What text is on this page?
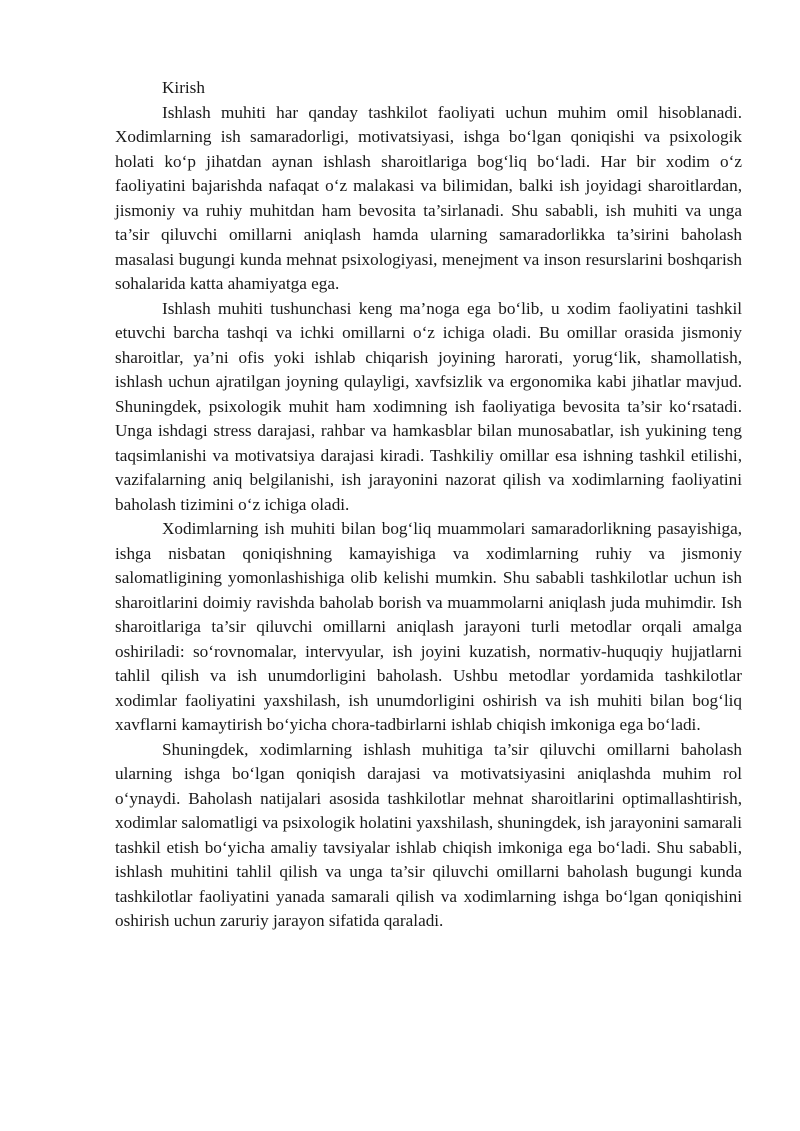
Kirish

Ishlash muhiti har qanday tashkilot faoliyati uchun muhim omil hisoblanadi. Xodimlarning ish samaradorligi, motivatsiyasi, ishga bo‘lgan qoniqishi va psixologik holati ko‘p jihatdan aynan ishlash sharoitlariga bog‘liq bo‘ladi. Har bir xodim o‘z faoliyatini bajarishda nafaqat o‘z malakasi va bilimidan, balki ish joyidagi sharoitlardan, jismoniy va ruhiy muhitdan ham bevosita ta’sirlanadi. Shu sababli, ish muhiti va unga ta’sir qiluvchi omillarni aniqlash hamda ularning samaradorlikka ta’sirini baholash masalasi bugungi kunda mehnat psixologiyasi, menejment va inson resurslarini boshqarish sohalarida katta ahamiyatga ega.

Ishlash muhiti tushunchasi keng ma’noga ega bo‘lib, u xodim faoliyatini tashkil etuvchi barcha tashqi va ichki omillarni o‘z ichiga oladi. Bu omillar orasida jismoniy sharoitlar, ya’ni ofis yoki ishlab chiqarish joyining harorati, yorug‘lik, shamollatish, ishlash uchun ajratilgan joyning qulayligi, xavfsizlik va ergonomika kabi jihatlar mavjud. Shuningdek, psixologik muhit ham xodimning ish faoliyatiga bevosita ta’sir ko‘rsatadi. Unga ishdagi stress darajasi, rahbar va hamkasblar bilan munosabatlar, ish yukining teng taqsimlanishi va motivatsiya darajasi kiradi. Tashkiliy omillar esa ishning tashkil etilishi, vazifalarning aniq belgilanishi, ish jarayonini nazorat qilish va xodimlarning faoliyatini baholash tizimini o‘z ichiga oladi.

Xodimlarning ish muhiti bilan bog‘liq muammolari samaradorlikning pasayishiga, ishga nisbatan qoniqishning kamayishiga va xodimlarning ruhiy va jismoniy salomatligining yomonlashishiga olib kelishi mumkin. Shu sababli tashkilotlar uchun ish sharoitlarini doimiy ravishda baholab borish va muammolarni aniqlash juda muhimdir. Ish sharoitlariga ta’sir qiluvchi omillarni aniqlash jarayoni turli metodlar orqali amalga oshiriladi: so‘rovnomalar, intervyular, ish joyini kuzatish, normativ-huquqiy hujjatlarni tahlil qilish va ish unumdorligini baholash. Ushbu metodlar yordamida tashkilotlar xodimlar faoliyatini yaxshilash, ish unumdorligini oshirish va ish muhiti bilan bog‘liq xavflarni kamaytirish bo‘yicha chora-tadbirlarni ishlab chiqish imkoniga ega bo‘ladi.

Shuningdek, xodimlarning ishlash muhitiga ta’sir qiluvchi omillarni baholash ularning ishga bo‘lgan qoniqish darajasi va motivatsiyasini aniqlashda muhim rol o‘ynaydi. Baholash natijalari asosida tashkilotlar mehnat sharoitlarini optimallashtirish, xodimlar salomatligi va psixologik holatini yaxshilash, shuningdek, ish jarayonini samarali tashkil etish bo‘yicha amaliy tavsiyalar ishlab chiqish imkoniga ega bo‘ladi. Shu sababli, ishlash muhitini tahlil qilish va unga ta’sir qiluvchi omillarni baholash bugungi kunda tashkilotlar faoliyatini yanada samarali qilish va xodimlarning ishga bo‘lgan qoniqishini oshirish uchun zaruriy jarayon sifatida qaraladi.
